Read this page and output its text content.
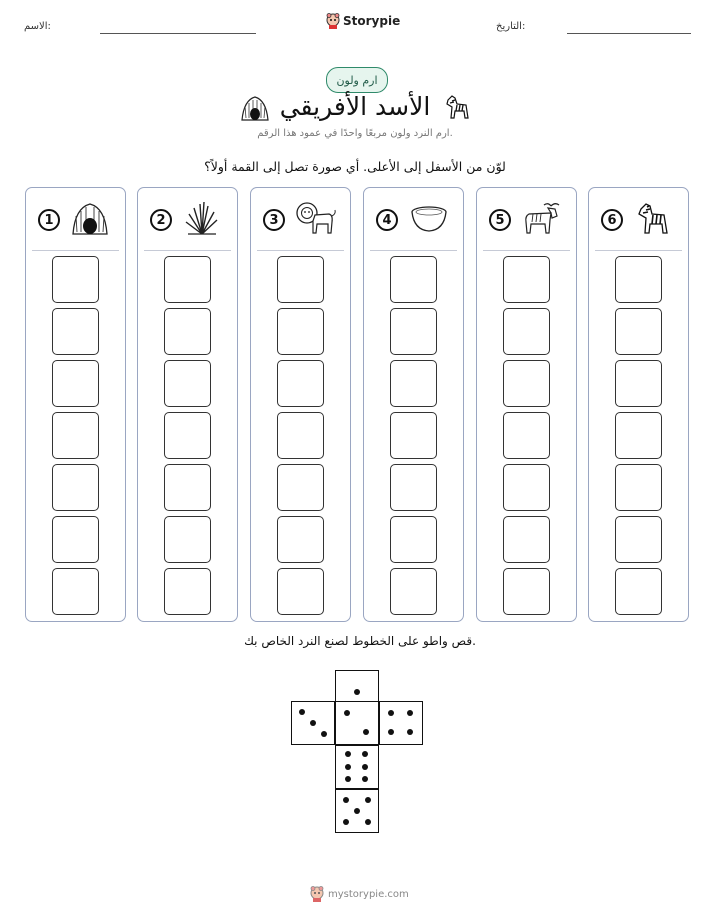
الاسم:	Storypie	التاريخ:
ارم ولون
الأسد الأفريقي
ارم النرد ولون مربعًا واحدًا في عمود هذا الرقم.
لوّن من الأسفل إلى الأعلى. أي صورة تصل إلى القمة أولاً؟
1	2	3	4	5	6
قص واطو على الخطوط لصنع النرد الخاص بك.
mystorypie.com
